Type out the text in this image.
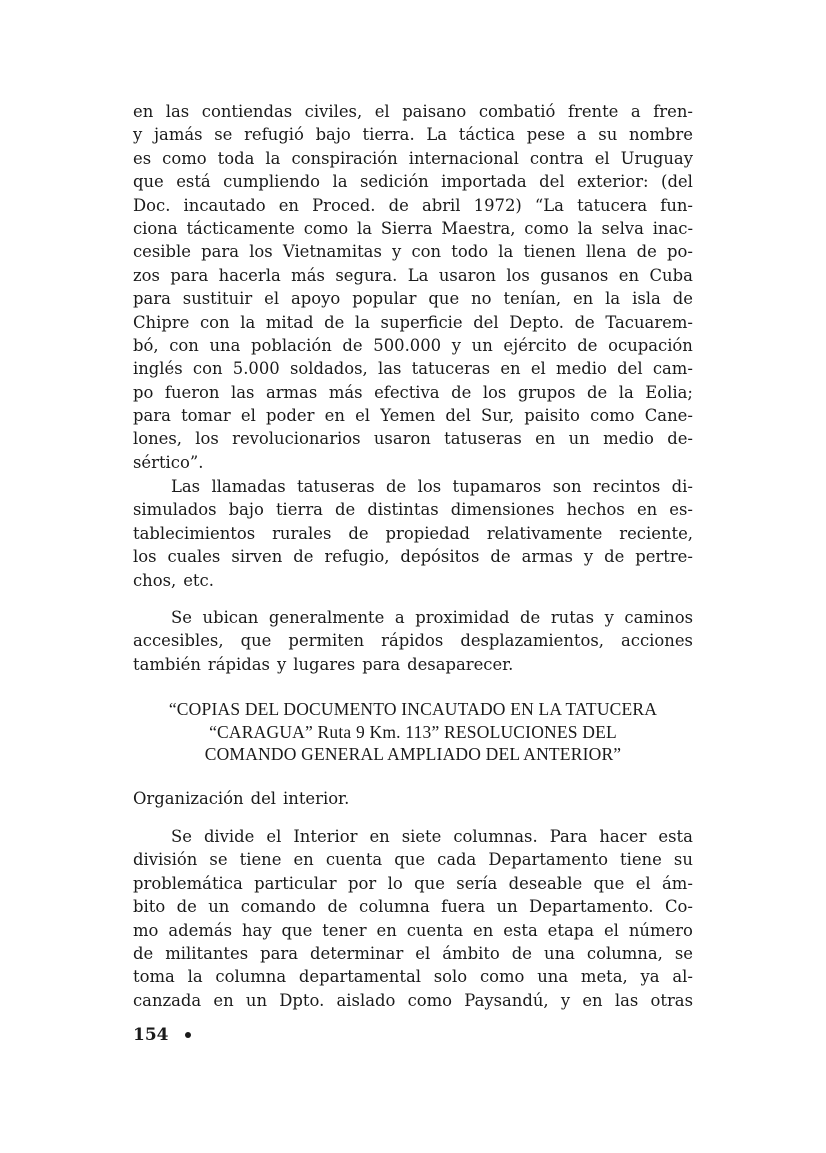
en las contiendas civiles, el paisano combatió frente a fren-
y jamás se refugió bajo tierra. La táctica pese a su nombre
es como toda la conspiración internacional contra el Uruguay
que está cumpliendo la sedición importada del exterior: (del
Doc. incautado en Proced. de abril 1972) “La tatucera fun-
ciona tácticamente como la Sierra Maestra, como la selva inac-
cesible para los Vietnamitas y con todo la tienen llena de po-
zos para hacerla más segura. La usaron los gusanos en Cuba
para sustituir el apoyo popular que no tenían, en la isla de
Chipre con la mitad de la superficie del Depto. de Tacuarem-
bó, con una población de 500.000 y un ejército de ocupación
inglés con 5.000 soldados, las tatuceras en el medio del cam-
po fueron las armas más efectiva de los grupos de la Eolia;
para tomar el poder en el Yemen del Sur, paisito como Cane-
lones, los revolucionarios usaron tatuseras en un medio de-
sértico”.
Las llamadas tatuseras de los tupamaros son recintos di-
simulados bajo tierra de distintas dimensiones hechos en es-
tablecimientos rurales de propiedad relativamente reciente,
los cuales sirven de refugio, depósitos de armas y de pertre-
chos, etc.
Se ubican generalmente a proximidad de rutas y caminos
accesibles, que permiten rápidos desplazamientos, acciones
también rápidas y lugares para desaparecer.
“COPIAS DEL DOCUMENTO INCAUTADO EN LA TATUCERA
“CARAGUA” Ruta 9 Km. 113” RESOLUCIONES DEL
COMANDO GENERAL AMPLIADO DEL ANTERIOR”
Organización del interior.
Se divide el Interior en siete columnas. Para hacer esta
división se tiene en cuenta que cada Departamento tiene su
problemática particular por lo que sería deseable que el ám-
bito de un comando de columna fuera un Departamento. Co-
mo además hay que tener en cuenta en esta etapa el número
de militantes para determinar el ámbito de una columna, se
toma la columna departamental solo como una meta, ya al-
canzada en un Dpto. aislado como Paysandú, y en las otras
154
